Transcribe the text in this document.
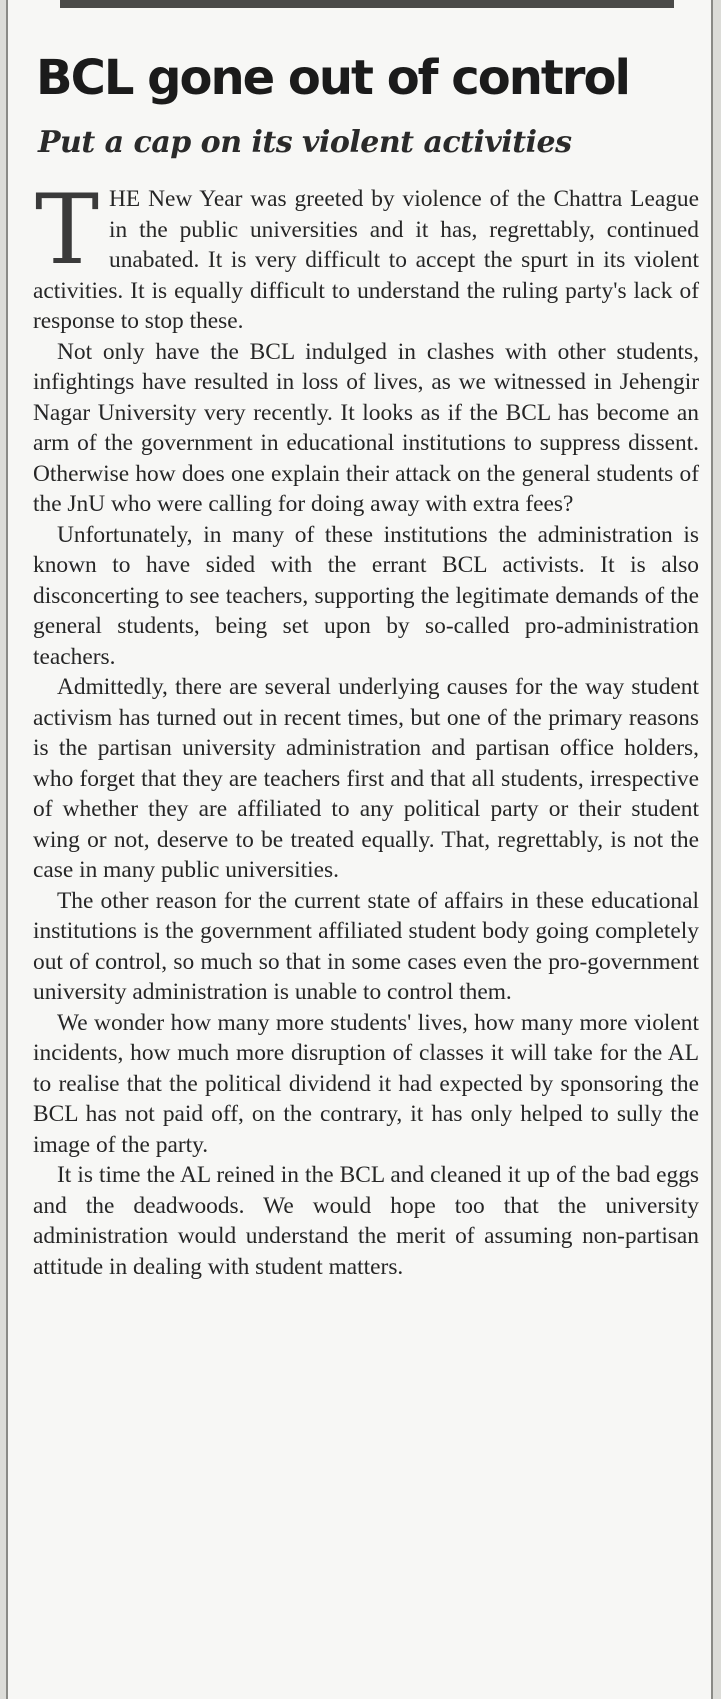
BCL gone out of control
Put a cap on its violent activities

THE New Year was greeted by violence of the Chattra League in the public universities and it has, regrettably, continued unabated. It is very difficult to accept the spurt in its violent activities. It is equally difficult to understand the ruling party's lack of response to stop these.

Not only have the BCL indulged in clashes with other students, infightings have resulted in loss of lives, as we witnessed in Jehengir Nagar University very recently. It looks as if the BCL has become an arm of the government in educational institutions to suppress dissent. Otherwise how does one explain their attack on the general students of the JnU who were calling for doing away with extra fees?

Unfortunately, in many of these institutions the administration is known to have sided with the errant BCL activists. It is also disconcerting to see teachers, supporting the legitimate demands of the general students, being set upon by so-called pro-administration teachers.

Admittedly, there are several underlying causes for the way student activism has turned out in recent times, but one of the primary reasons is the partisan university administration and partisan office holders, who forget that they are teachers first and that all students, irrespective of whether they are affiliated to any political party or their student wing or not, deserve to be treated equally. That, regrettably, is not the case in many public universities.

The other reason for the current state of affairs in these educational institutions is the government affiliated student body going completely out of control, so much so that in some cases even the pro-government university administration is unable to control them.

We wonder how many more students' lives, how many more violent incidents, how much more disruption of classes it will take for the AL to realise that the political dividend it had expected by sponsoring the BCL has not paid off, on the contrary, it has only helped to sully the image of the party.

It is time the AL reined in the BCL and cleaned it up of the bad eggs and the deadwoods. We would hope too that the university administration would understand the merit of assuming non-partisan attitude in dealing with student matters.
